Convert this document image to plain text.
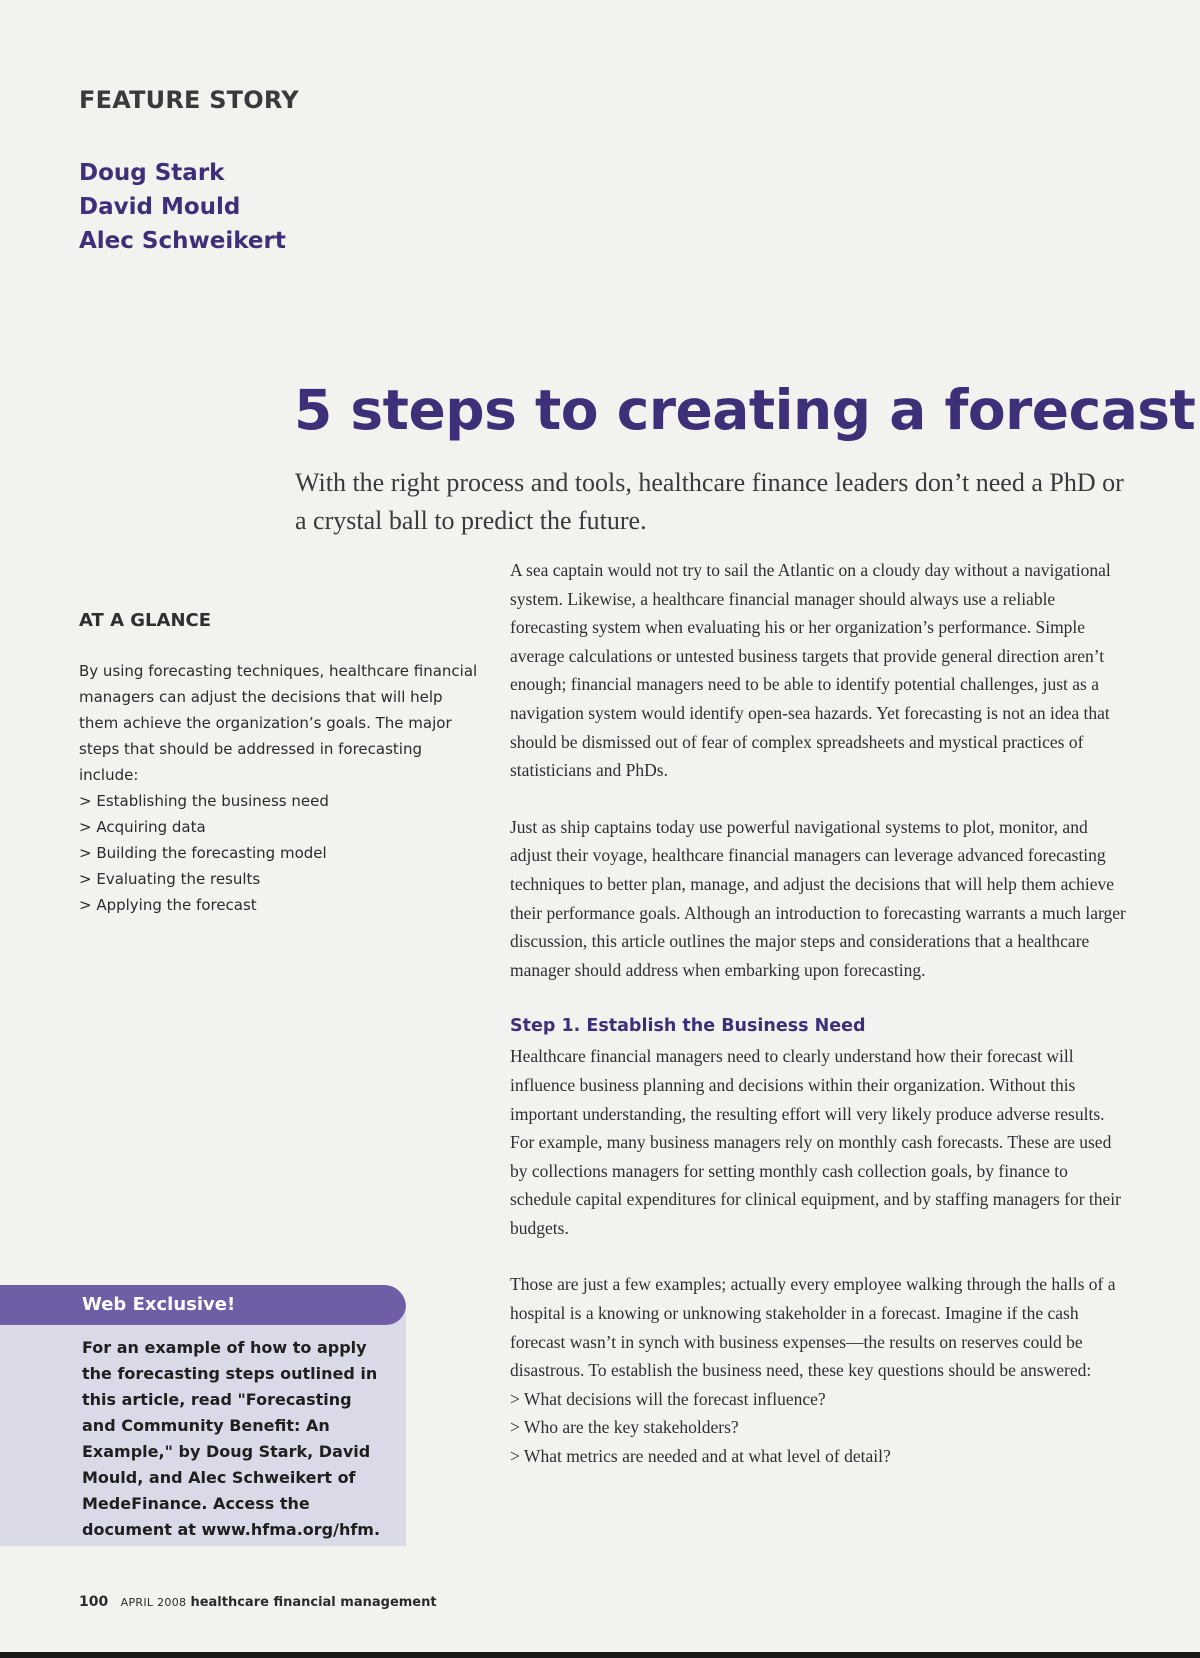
FEATURE STORY
Doug Stark
David Mould
Alec Schweikert
5 steps to creating a forecast
With the right process and tools, healthcare finance leaders don’t need a PhD or a crystal ball to predict the future.
AT A GLANCE
By using forecasting techniques, healthcare financial managers can adjust the decisions that will help them achieve the organization’s goals. The major steps that should be addressed in forecasting include:
> Establishing the business need
> Acquiring data
> Building the forecasting model
> Evaluating the results
> Applying the forecast
Web Exclusive!
For an example of how to apply the forecasting steps outlined in this article, read "Forecasting and Community Benefit: An Example," by Doug Stark, David Mould, and Alec Schweikert of MedeFinance. Access the document at www.hfma.org/hfm.

A sea captain would not try to sail the Atlantic on a cloudy day without a navigational system. Likewise, a healthcare financial manager should always use a reliable forecasting system when evaluating his or her organization’s performance. Simple average calculations or untested business targets that provide general direction aren’t enough; financial managers need to be able to identify potential challenges, just as a navigation system would identify open-sea hazards. Yet forecasting is not an idea that should be dismissed out of fear of complex spreadsheets and mystical practices of statisticians and PhDs.

Just as ship captains today use powerful navigational systems to plot, monitor, and adjust their voyage, healthcare financial managers can leverage advanced forecasting techniques to better plan, manage, and adjust the decisions that will help them achieve their performance goals. Although an introduction to forecasting warrants a much larger discussion, this article outlines the major steps and considerations that a healthcare manager should address when embarking upon forecasting.

Step 1. Establish the Business Need

Healthcare financial managers need to clearly understand how their forecast will influence business planning and decisions within their organization. Without this important understanding, the resulting effort will very likely produce adverse results. For example, many business managers rely on monthly cash forecasts. These are used by collections managers for setting monthly cash collection goals, by finance to schedule capital expenditures for clinical equipment, and by staffing managers for their budgets.

Those are just a few examples; actually every employee walking through the halls of a hospital is a knowing or unknowing stakeholder in a forecast. Imagine if the cash forecast wasn’t in synch with business expenses—the results on reserves could be disastrous. To establish the business need, these key questions should be answered:

> What decisions will the forecast influence?
> Who are the key stakeholders?
> What metrics are needed and at what level of detail?
100 APRIL 2008 healthcare financial management
